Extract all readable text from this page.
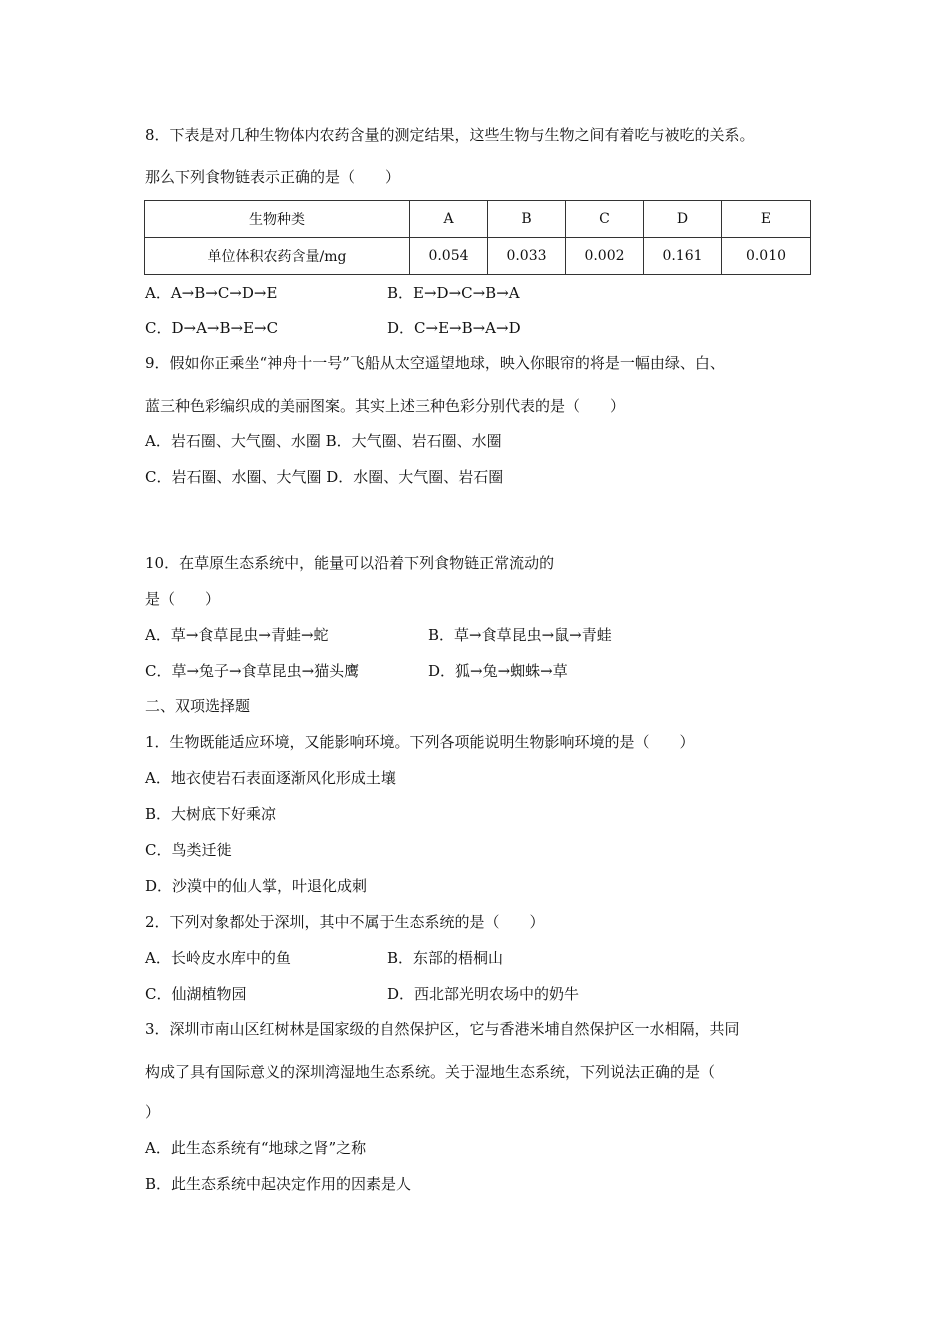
8．下表是对几种生物体内农药含量的测定结果，这些生物与生物之间有着吃与被吃的关系。
那么下列食物链表示正确的是（　　）
生物种类	A	B	C	D	E
单位体积农药含量/mg	0.054	0.033	0.002	0.161	0.010
A．A→B→C→D→E	B．E→D→C→B→A
C．D→A→B→E→C	D．C→E→B→A→D
9．假如你正乘坐“神舟十一号”飞船从太空遥望地球，映入你眼帘的将是一幅由绿、白、
蓝三种色彩编织成的美丽图案。其实上述三种色彩分别代表的是（　　）
A．岩石圈、大气圈、水圈 B．大气圈、岩石圈、水圈
C．岩石圈、水圈、大气圈 D．水圈、大气圈、岩石圈
10．在草原生态系统中，能量可以沿着下列食物链正常流动的
是（　　）
A．草→食草昆虫→青蛙→蛇	B．草→食草昆虫→鼠→青蛙
C．草→兔子→食草昆虫→猫头鹰	D．狐→兔→蜘蛛→草
二、双项选择题
1．生物既能适应环境，又能影响环境。下列各项能说明生物影响环境的是（　　）
A．地衣使岩石表面逐渐风化形成土壤
B．大树底下好乘凉
C．鸟类迁徙
D．沙漠中的仙人掌，叶退化成刺
2．下列对象都处于深圳，其中不属于生态系统的是（　　）
A．长岭皮水库中的鱼	B．东部的梧桐山
C．仙湖植物园	D．西北部光明农场中的奶牛
3．深圳市南山区红树林是国家级的自然保护区，它与香港米埔自然保护区一水相隔，共同
构成了具有国际意义的深圳湾湿地生态系统。关于湿地生态系统，下列说法正确的是（
）
A．此生态系统有“地球之肾”之称
B．此生态系统中起决定作用的因素是人
